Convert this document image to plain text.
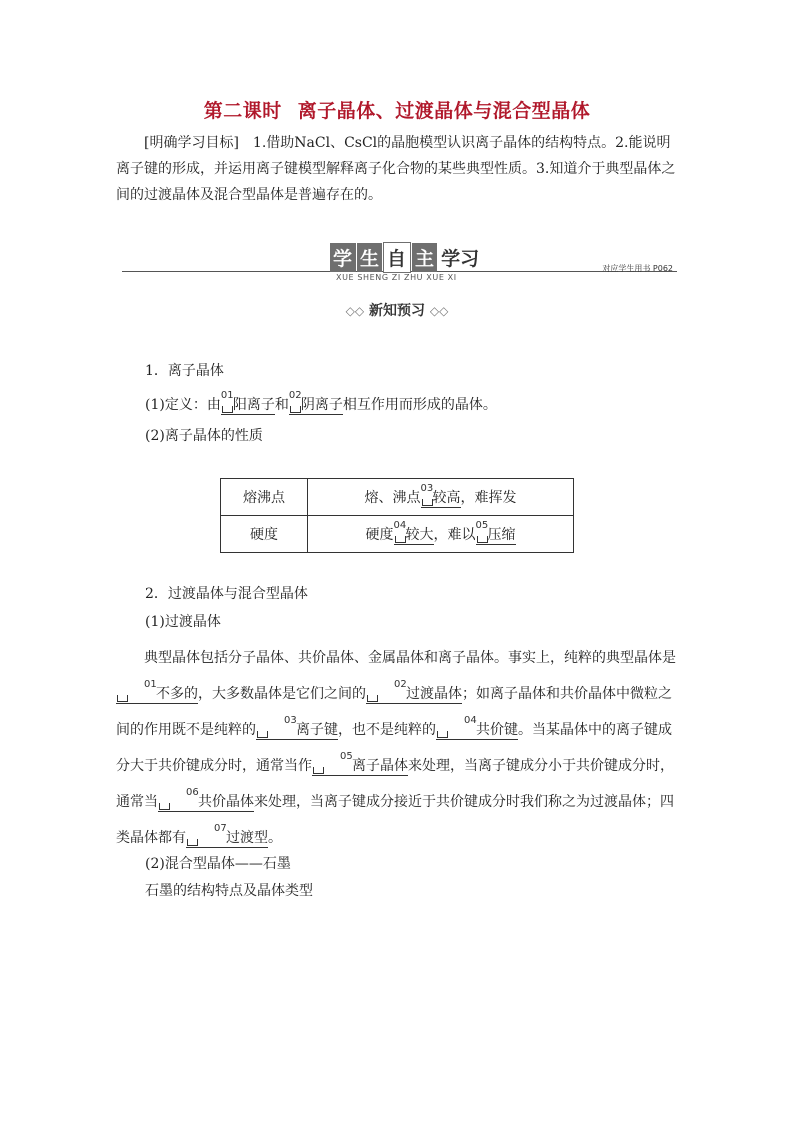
第二课时 离子晶体、过渡晶体与混合型晶体
[明确学习目标]　1.借助NaCl、CsCl的晶胞模型认识离子晶体的结构特点。2.能说明离子键的形成，并运用离子键模型解释离子化合物的某些典型性质。3.知道介于典型晶体之间的过渡晶体及混合型晶体是普遍存在的。
学 生 自 主 学习
XUE SHENG ZI ZHU XUE XI
对应学生用书 P062
◇◇ 新知预习 ◇◇
1．离子晶体
(1)定义：由
01
阳离子和
02
阴离子相互作用而形成的晶体。
(2)离子晶体的性质
熔沸点	熔、沸点
03
较高，难挥发
硬度	硬度
04
较大，难以
05
压缩
2．过渡晶体与混合型晶体
(1)过渡晶体
典型晶体包括分子晶体、共价晶体、金属晶体和离子晶体。事实上，纯粹的典型晶体是
01
不多的，大多数晶体是它们之间的
02
过渡晶体；如离子晶体和共价晶体中微粒之间的作用既不是纯粹的
03
离子键，也不是纯粹的
04
共价键。当某晶体中的离子键成分大于共价键成分时，通常当作
05
离子晶体来处理，当离子键成分小于共价键成分时，通常当
06
共价晶体来处理，当离子键成分接近于共价键成分时我们称之为过渡晶体；四类晶体都有
07
过渡型。
(2)混合型晶体——石墨
石墨的结构特点及晶体类型
